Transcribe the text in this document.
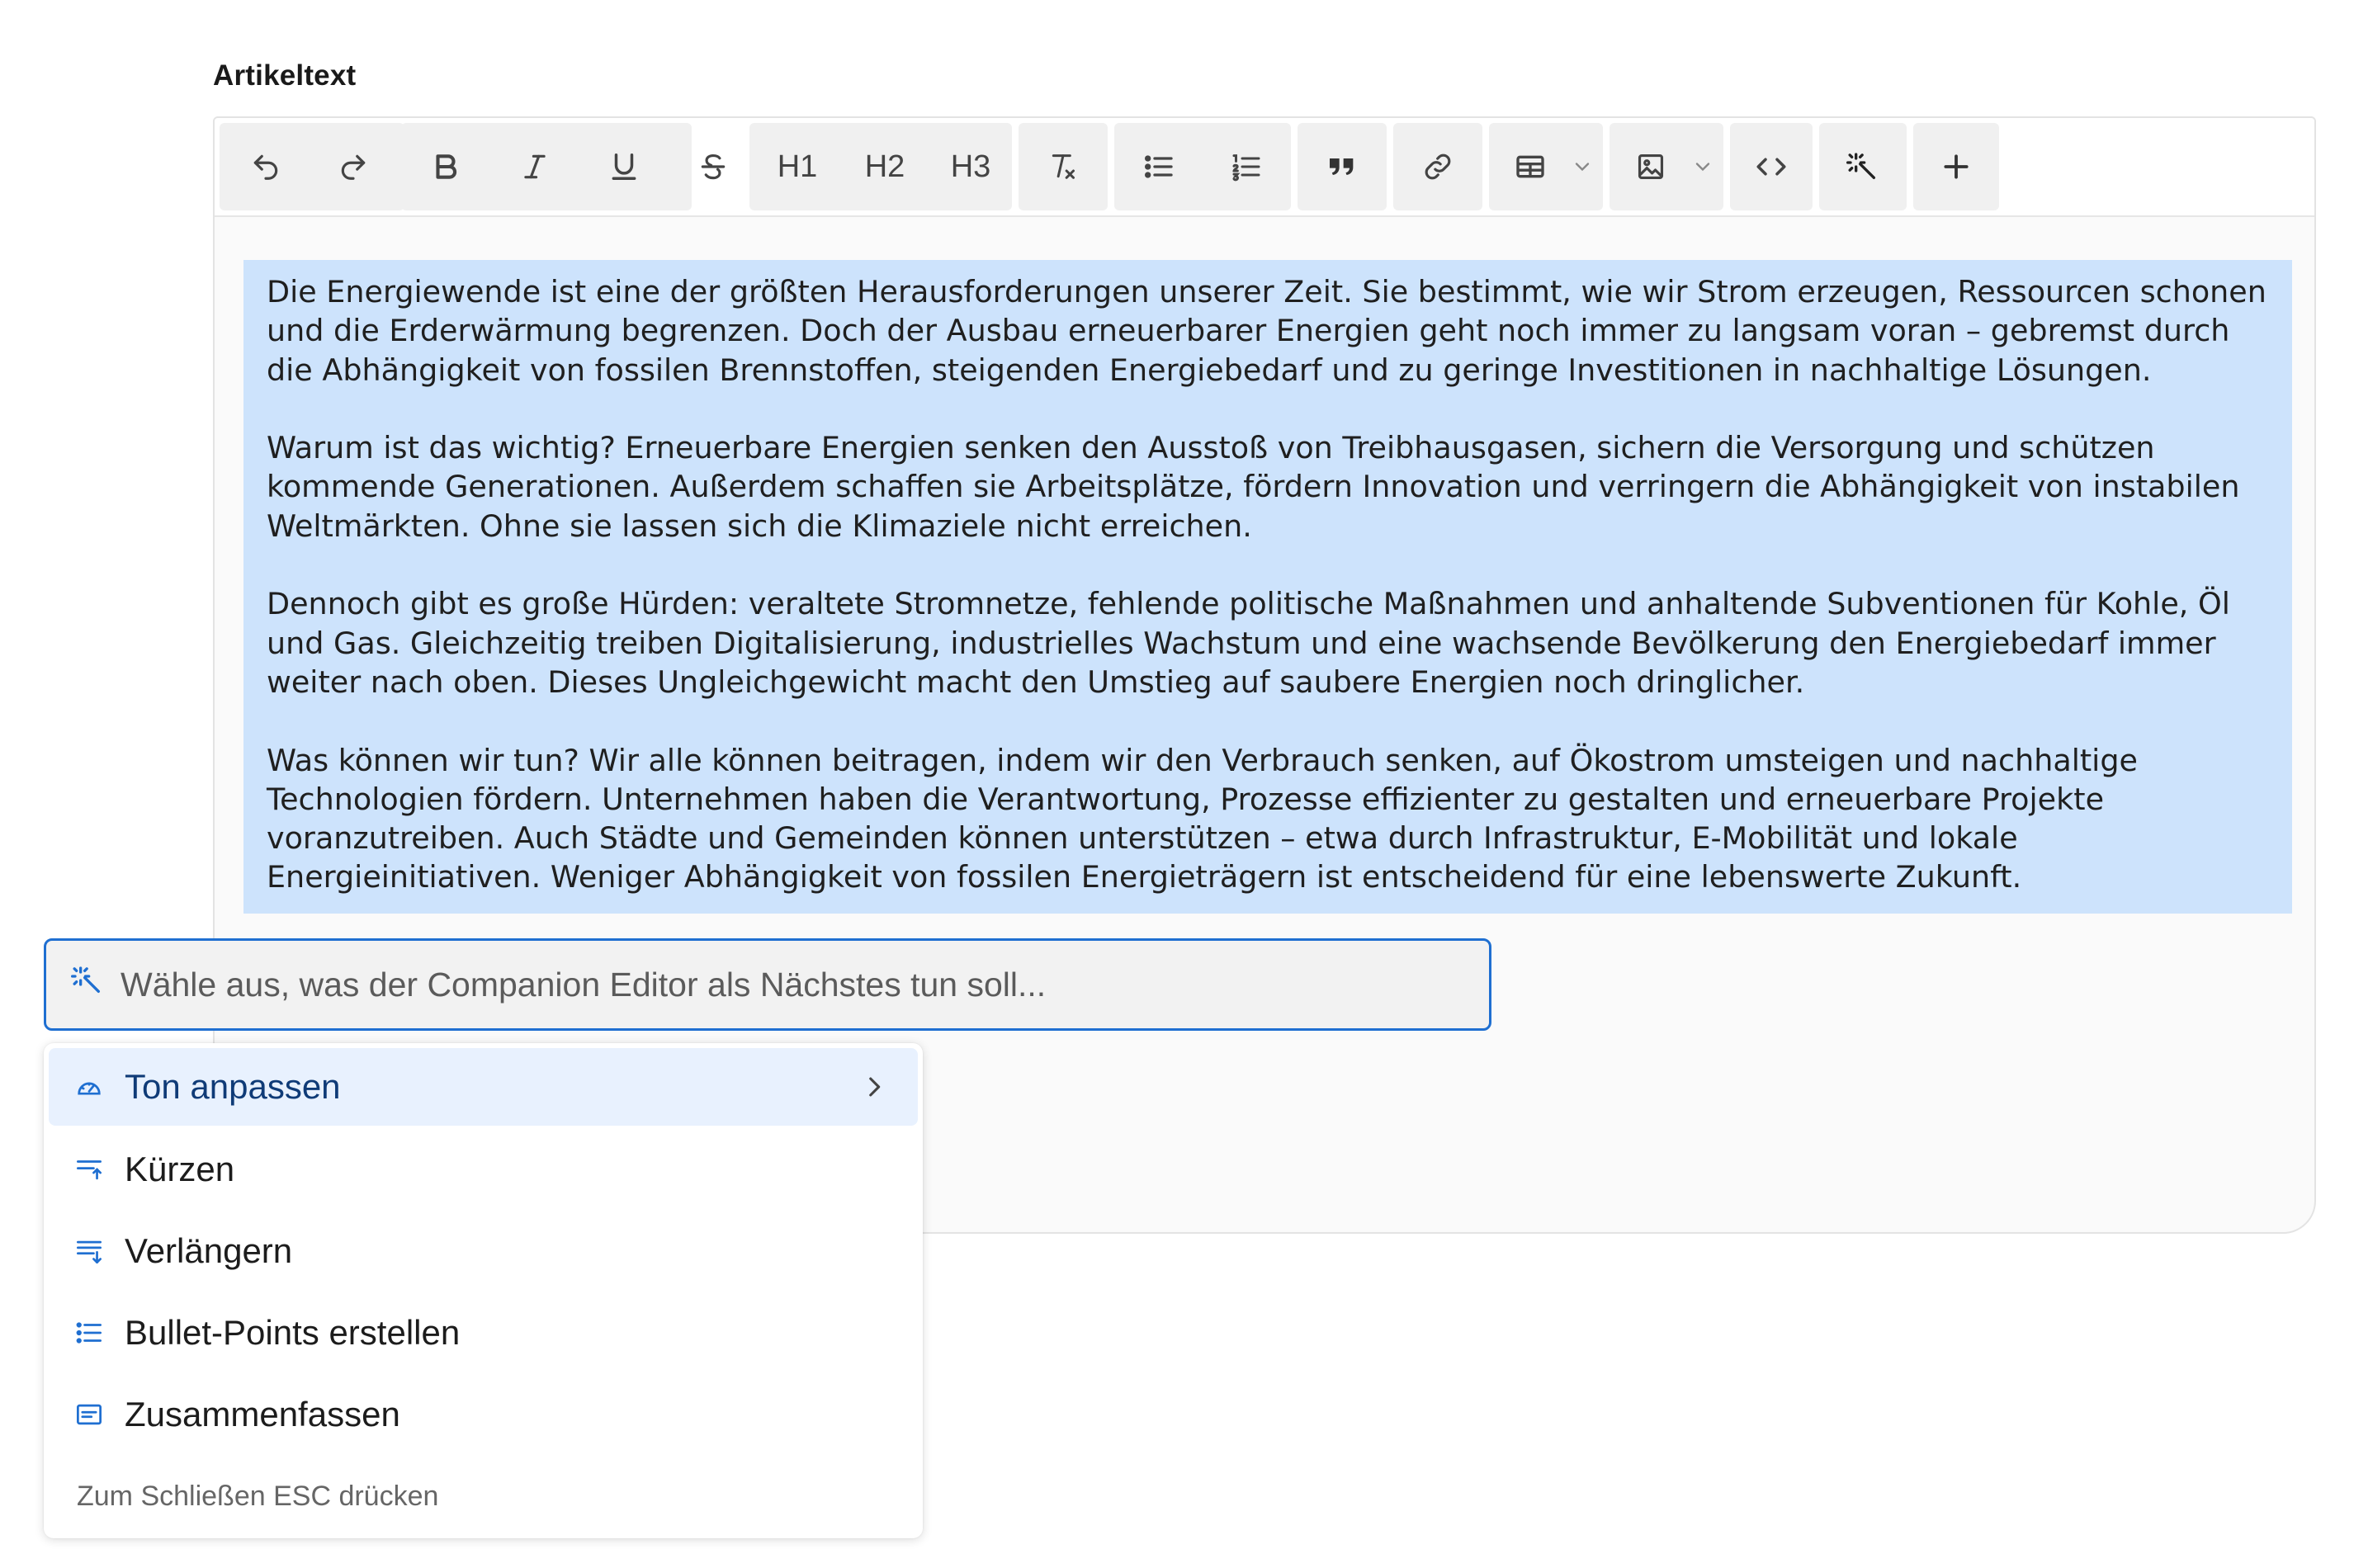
Artikeltext
H1 H2 H3

Die Energiewende ist eine der größten Herausforderungen unserer Zeit. Sie bestimmt, wie wir Strom erzeugen, Ressourcen schonen und die Erderwärmung begrenzen. Doch der Ausbau erneuerbarer Energien geht noch immer zu langsam voran – gebremst durch die Abhängigkeit von fossilen Brennstoffen, steigenden Energiebedarf und zu geringe Investitionen in nachhaltige Lösungen.

Warum ist das wichtig? Erneuerbare Energien senken den Ausstoß von Treibhausgasen, sichern die Versorgung und schützen kommende Generationen. Außerdem schaffen sie Arbeitsplätze, fördern Innovation und verringern die Abhängigkeit von instabilen Weltmärkten. Ohne sie lassen sich die Klimaziele nicht erreichen.

Dennoch gibt es große Hürden: veraltete Stromnetze, fehlende politische Maßnahmen und anhaltende Subventionen für Kohle, Öl und Gas. Gleichzeitig treiben Digitalisierung, industrielles Wachstum und eine wachsende Bevölkerung den Energiebedarf immer weiter nach oben. Dieses Ungleichgewicht macht den Umstieg auf saubere Energien noch dringlicher.

Was können wir tun? Wir alle können beitragen, indem wir den Verbrauch senken, auf Ökostrom umsteigen und nachhaltige Technologien fördern. Unternehmen haben die Verantwortung, Prozesse effizienter zu gestalten und erneuerbare Projekte voranzutreiben. Auch Städte und Gemeinden können unterstützen – etwa durch Infrastruktur, E-Mobilität und lokale Energieinitiativen. Weniger Abhängigkeit von fossilen Energieträgern ist entscheidend für eine lebenswerte Zukunft.

Wähle aus, was der Companion Editor als Nächstes tun soll...
Ton anpassen
Kürzen
Verlängern
Bullet-Points erstellen
Zusammenfassen
Zum Schließen ESC drücken
